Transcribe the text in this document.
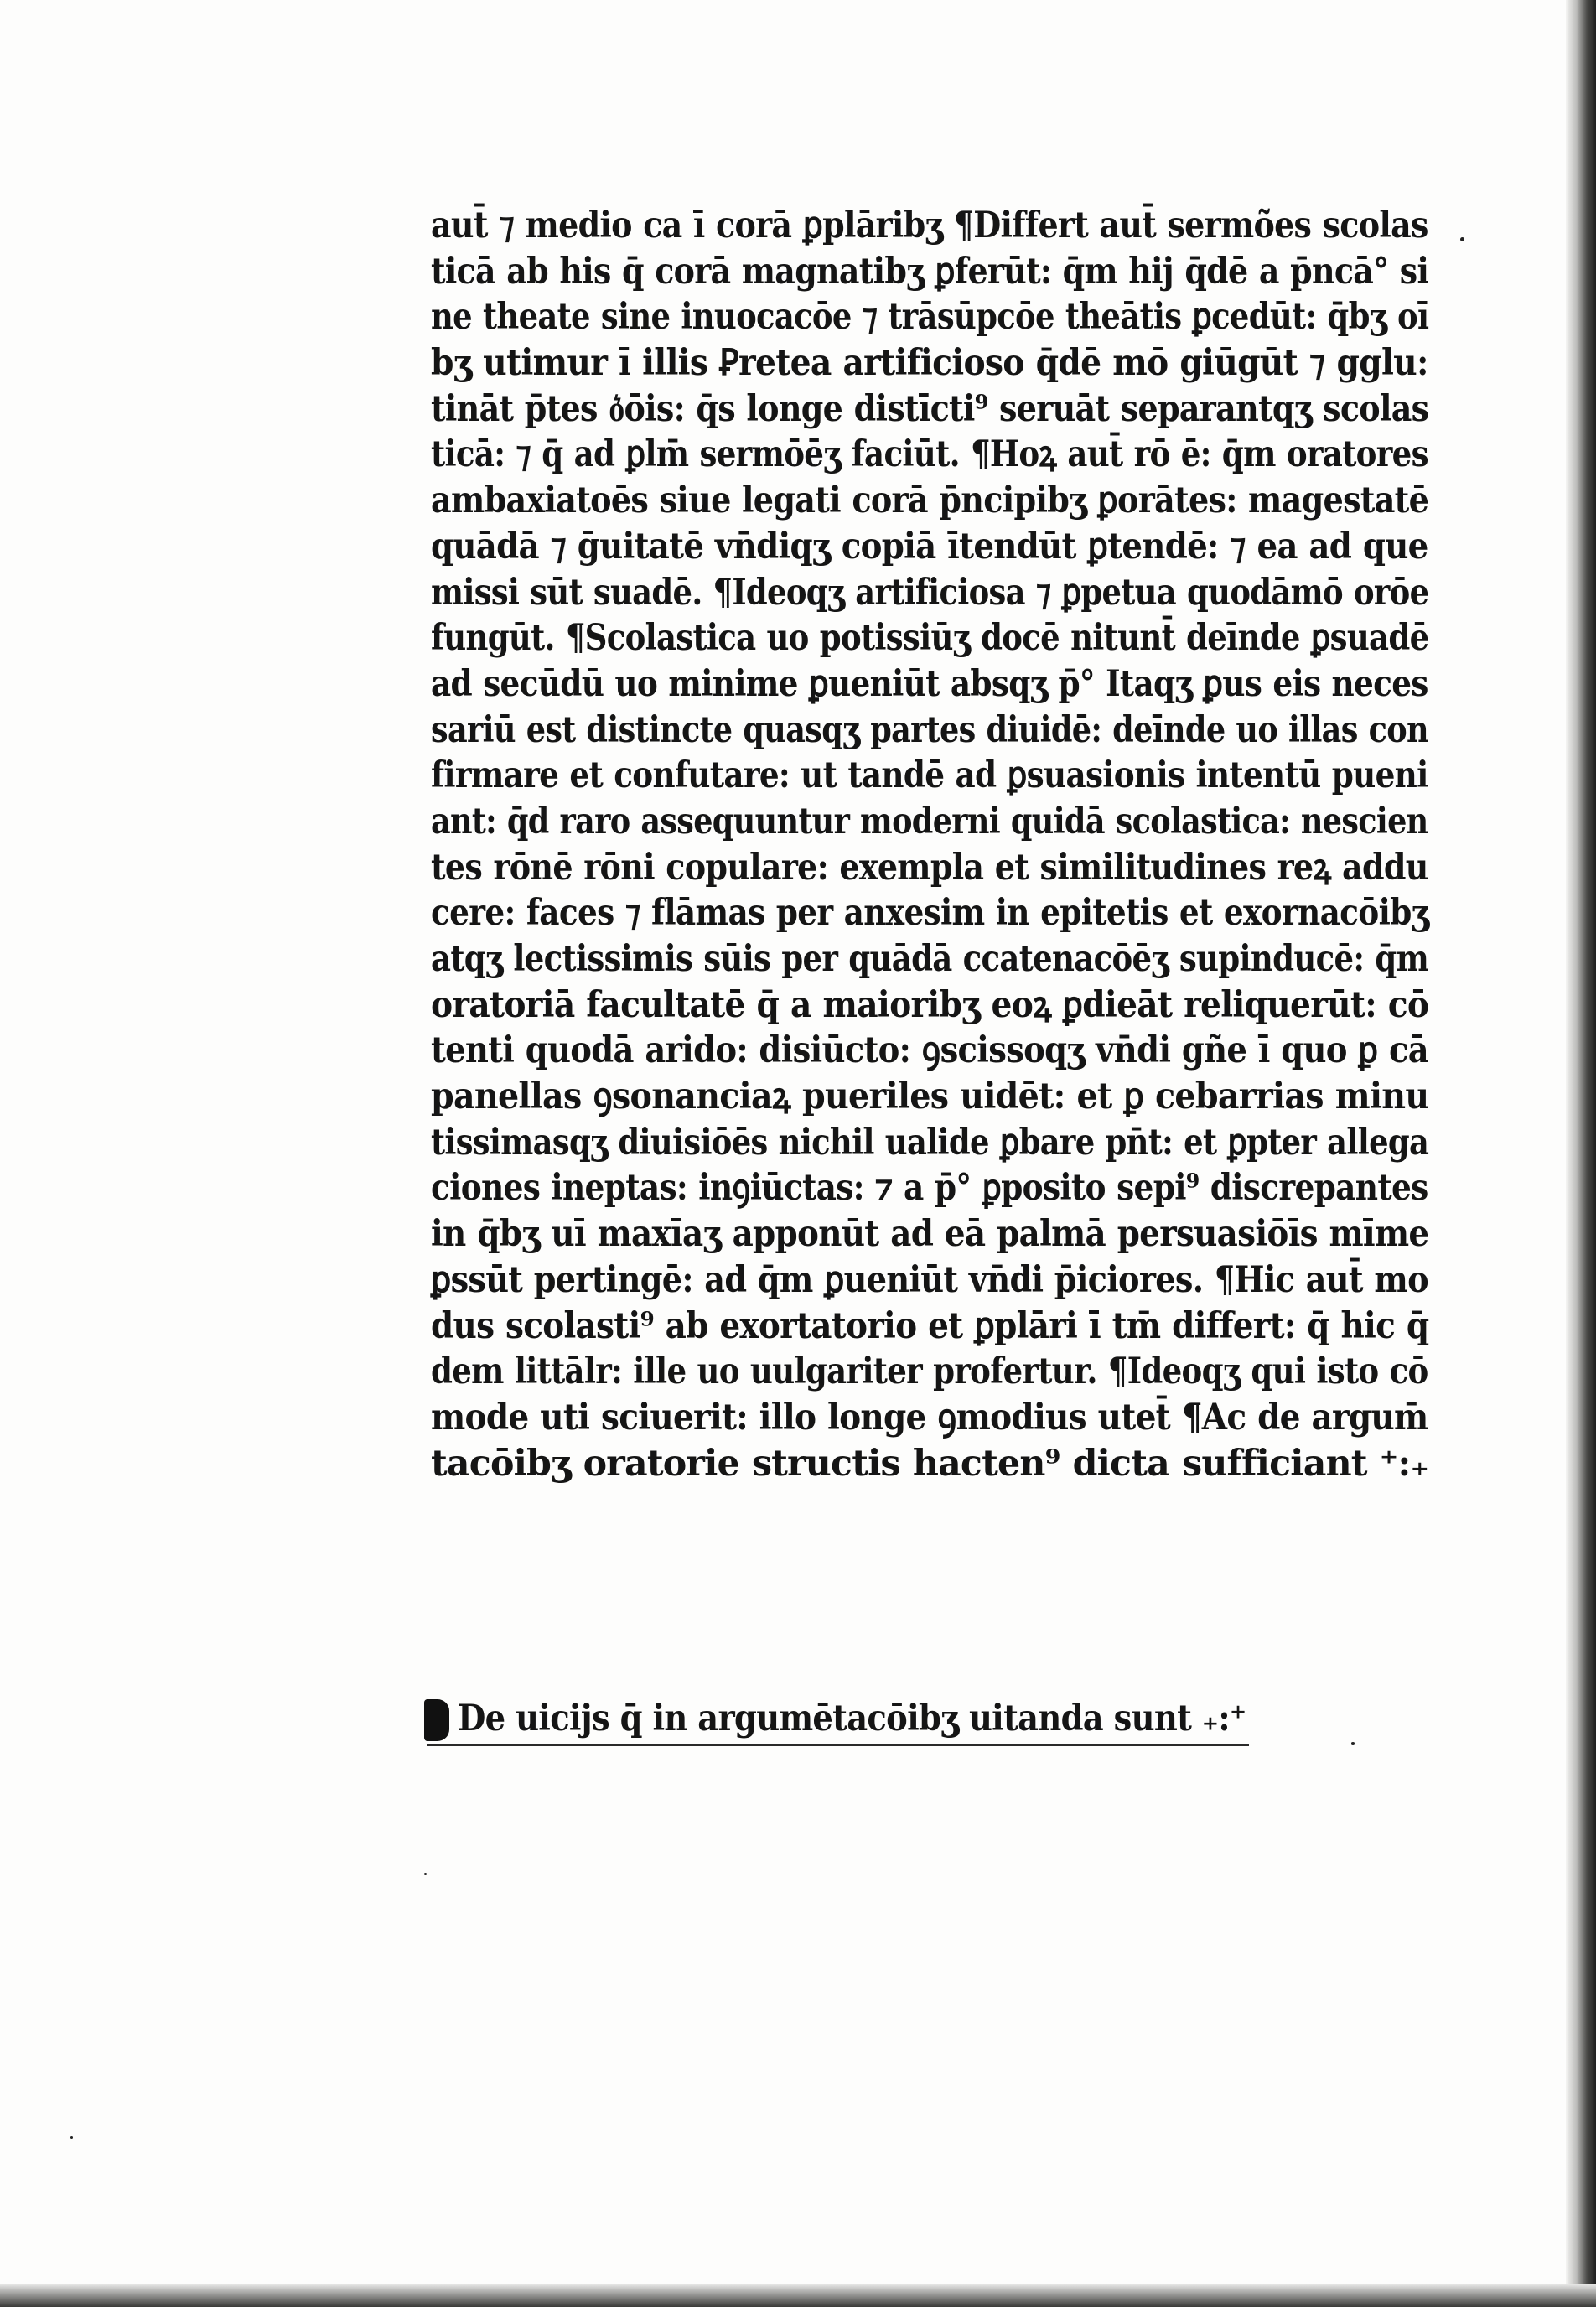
aut̄ ⁊ medio ca ī corā ꝑplāribʒ ¶Differt aut̄ sermões scolas
ticā ab his q̄ corā magnatibʒ ꝑferūt: q̄m hij q̄dē a p̄ncā° si
ne theate sine inuocacōe ⁊ trāsūpcōe theātis ꝑcedūt: q̄bʒ oī
bʒ utimur ī illis Ꝑretea artificioso q̄dē mō giūgūt ⁊ gglu:
tināt p̄tes o͛ōis: q̄s longe distīcti⁹ seruāt separantqʒ scolas
ticā: ⁊ q̄ ad ꝑlm̄ sermōēʒ faciūt. ¶Hoꝝ aut̄ rō ē: q̄m oratores
ambaxiatoēs siue legati corā p̄ncipibʒ ꝑorātes: magestatē
quādā ⁊ ḡuitatē vn̄diqʒ copiā ītendūt ꝑtendē: ⁊ ea ad que
missi sūt suadē. ¶Ideoqʒ artificiosa ⁊ ꝑpetua quodāmō orōe
fungūt. ¶Scolastica uo potissiūʒ docē nitunt̄ deīnde ꝑsuadē
ad secūdū uo minime ꝑueniūt absqʒ p̄° Itaqʒ ꝑus eis neces
sariū est distincte quasqʒ partes diuidē: deīnde uo illas con
firmare et confutare: ut tandē ad ꝑsuasionis intentū pueni
ant: q̄d raro assequuntur moderni quidā scolastica: nescien
tes rōnē rōni copulare: exempla et similitudines reꝝ addu
cere: faces ⁊ flāmas per anxesim in epitetis et exornacōibʒ
atqʒ lectissimis sūis per quādā ccatenacōēʒ supinducē: q̄m
oratoriā facultatē q̄ a maioribʒ eoꝝ ꝑdieāt reliquerūt: cō
tenti quodā arido: disiūcto: ꝯscissoqʒ vn̄di gñe ī quo ꝑ cā
panellas ꝯsonanciaꝝ pueriles uidēt: et ꝑ cebarrias minu
tissimasqʒ diuisiōēs nichil ualide ꝑbare pn̄t: et ꝑpter allega
ciones ineptas: inꝯiūctas: ⁊ a p̄° ꝑposito sepi⁹ discrepantes
in q̄bʒ uī maxīaʒ apponūt ad eā palmā persuasiōīs mīme
ꝑssūt pertingē: ad q̄m ꝑueniūt vn̄di p̄iciores. ¶Hic aut̄ mo
dus scolasti⁹ ab exortatorio et ꝑplāri ī tm̄ differt: q̄ hic q̄
dem littālr: ille uo uulgariter profertur. ¶Ideoqʒ qui isto cō
mode uti sciuerit: illo longe ꝯmodius utet̄ ¶Ac de argum̄
tacōibʒ oratorie structis hacten⁹ dicta sufficiant ⁺:₊
De uicijs q̄ in argumētacōibʒ uitanda sunt ₊:⁺
